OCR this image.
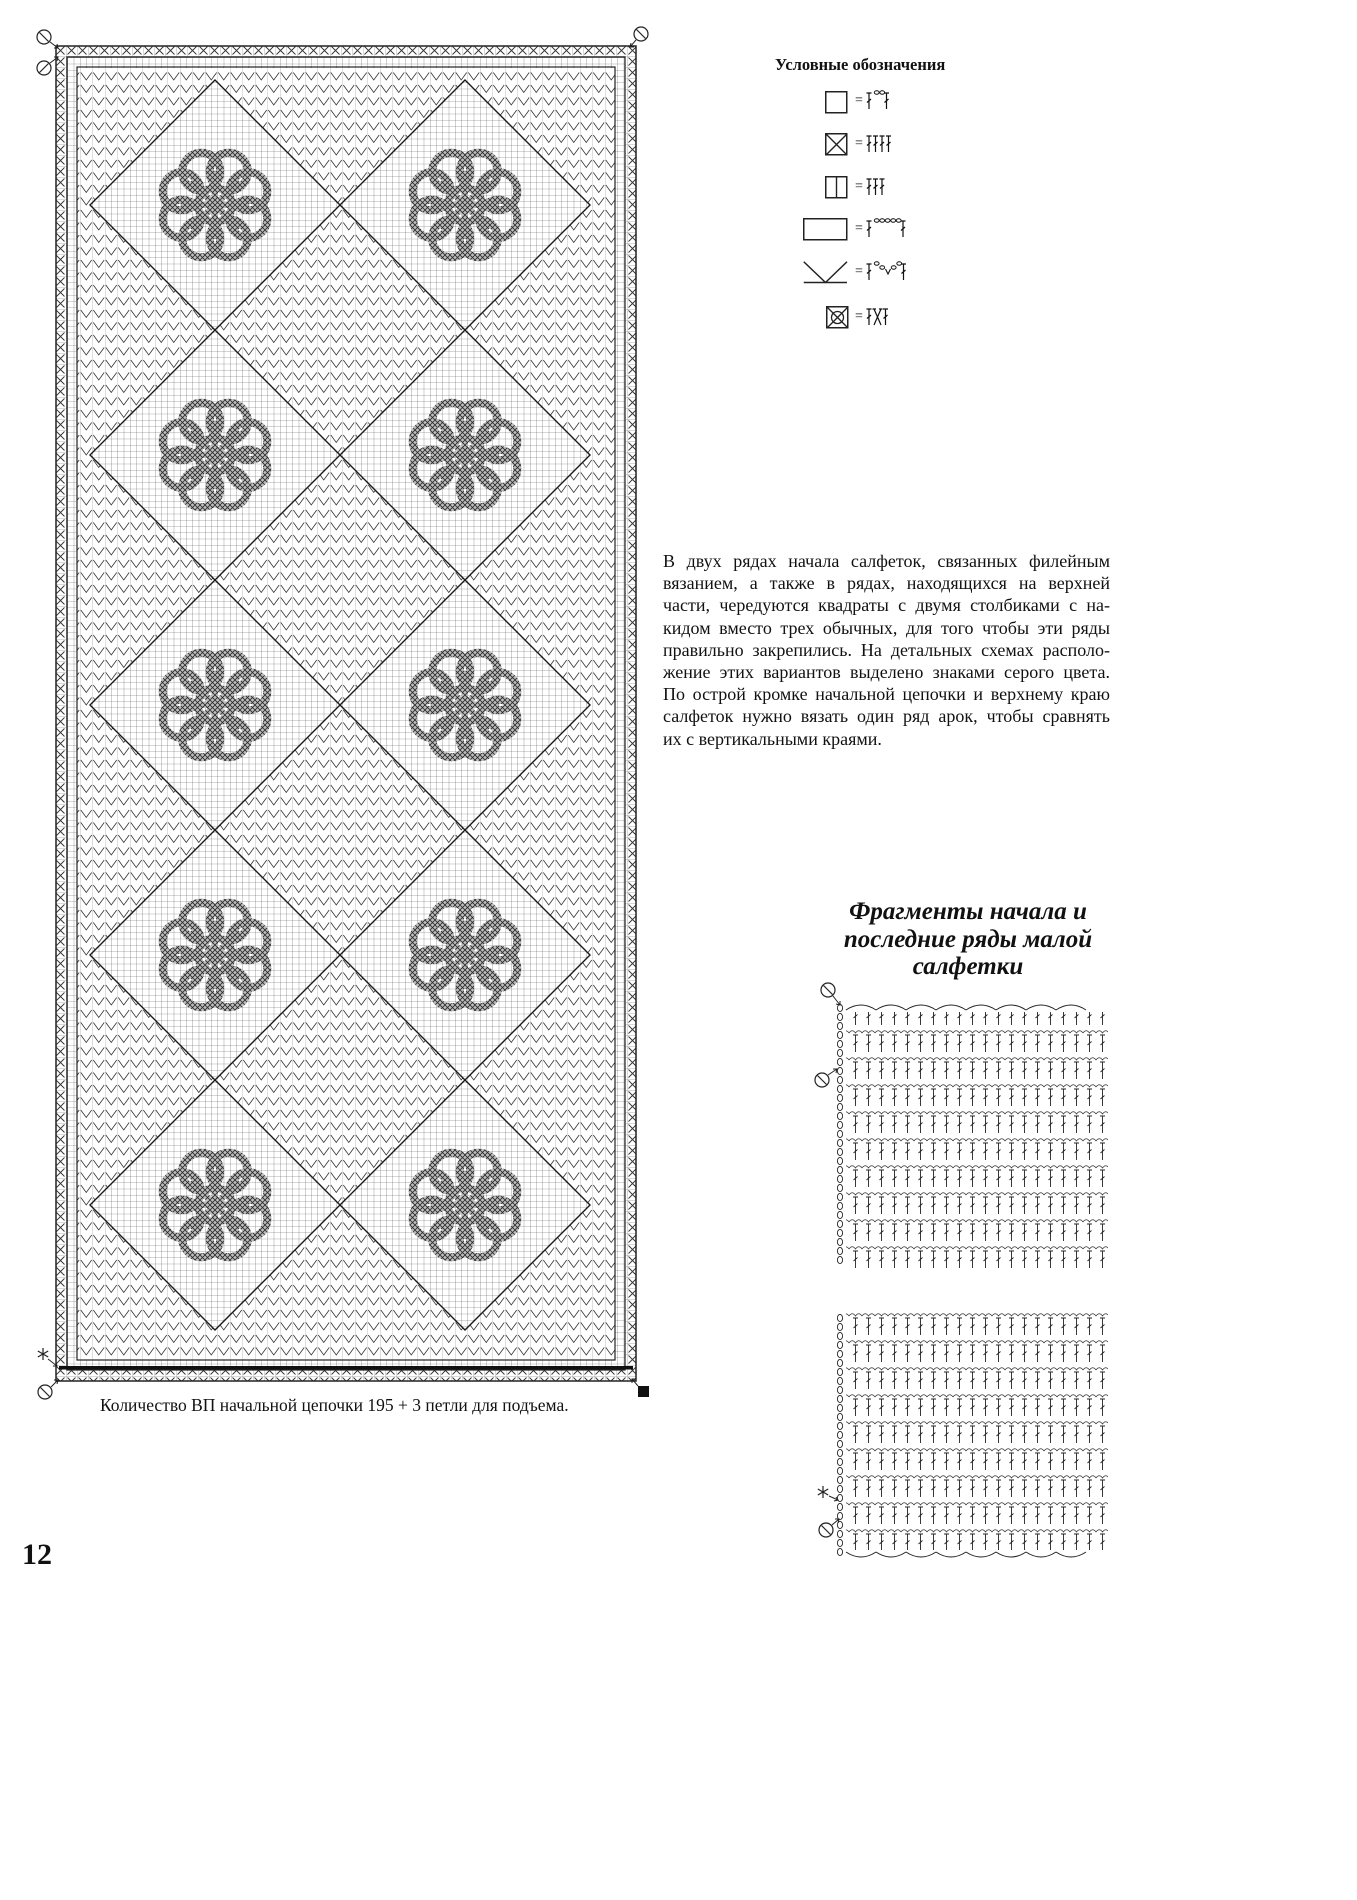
Количество ВП начальной цепочки 195 + 3 петли для подъема.
12
Условные обозначения
=
=
=
=
=
=
В двух рядах начала салфеток, связанных филейным
вязанием, а также в рядах, находящихся на верхней
части, чередуются квадраты с двумя столбиками с на-
кидом вместо трех обычных, для того чтобы эти ряды
правильно закрепились. На детальных схемах располо-
жение этих вариантов выделено знаками серого цвета.
По острой кромке начальной цепочки и верхнему краю
салфеток нужно вязать один ряд арок, чтобы сравнять
их с вертикальными краями.
Фрагменты начала и
последние ряды малой
салфетки
